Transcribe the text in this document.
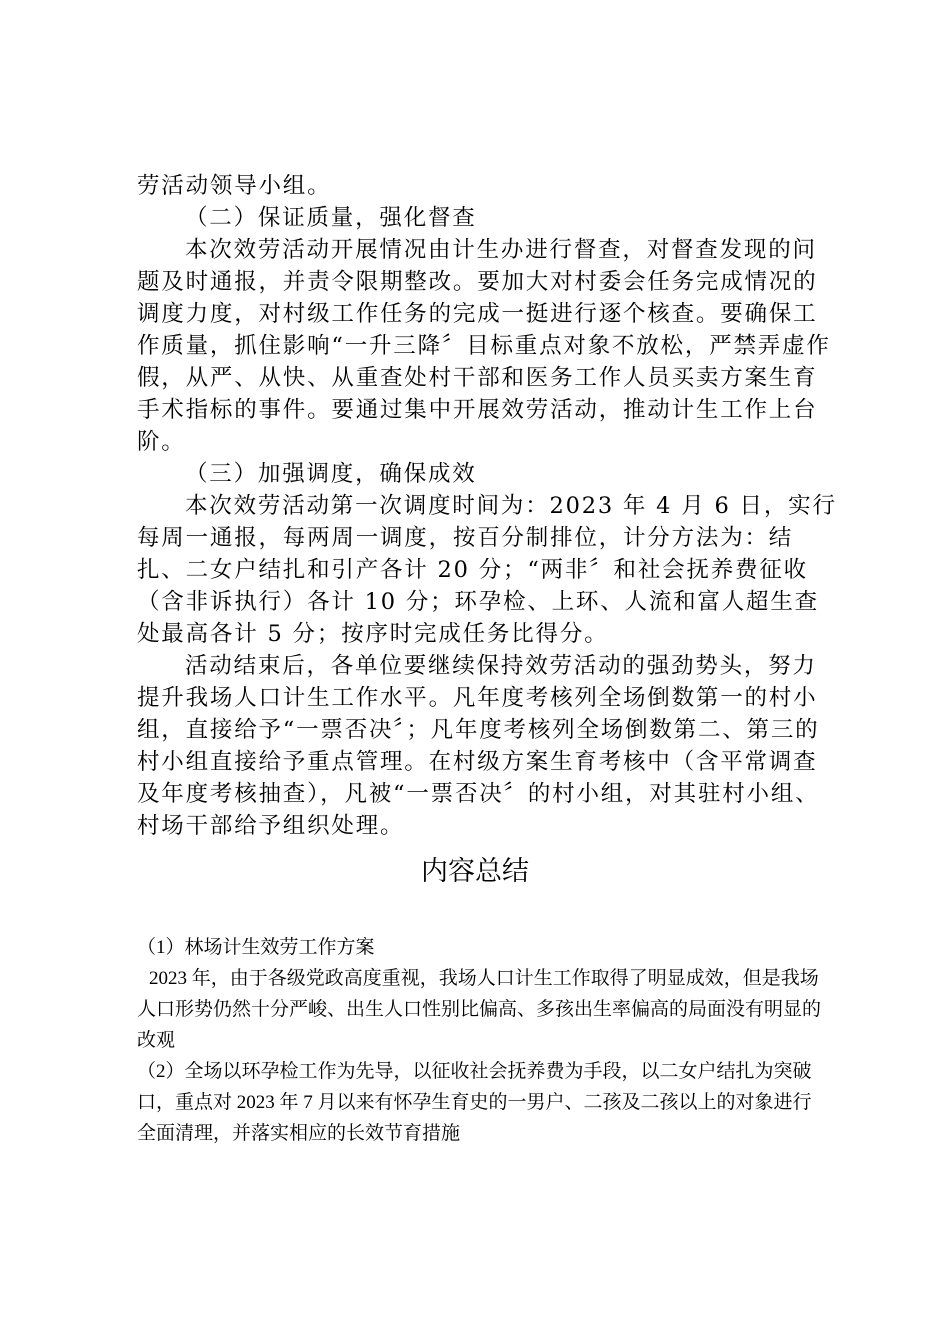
劳活动领导小组。

（二）保证质量，强化督查

本次效劳活动开展情况由计生办进行督查，对督查发现的问题及时通报，并责令限期整改。要加大对村委会任务完成情况的调度力度，对村级工作任务的完成一挺进行逐个核查。要确保工作质量，抓住影响“一升三降〞目标重点对象不放松，严禁弄虚作假，从严、从快、从重查处村干部和医务工作人员买卖方案生育手术指标的事件。要通过集中开展效劳活动，推动计生工作上台阶。

（三）加强调度，确保成效

本次效劳活动第一次调度时间为：2023 年 4 月 6 日，实行每周一通报，每两周一调度，按百分制排位，计分方法为：结扎、二女户结扎和引产各计 20 分；“两非〞和社会抚养费征收（含非诉执行）各计 10 分；环孕检、上环、人流和富人超生查处最高各计 5 分；按序时完成任务比得分。

活动结束后，各单位要继续保持效劳活动的强劲势头，努力提升我场人口计生工作水平。凡年度考核列全场倒数第一的村小组，直接给予“一票否决〞；凡年度考核列全场倒数第二、第三的村小组直接给予重点管理。在村级方案生育考核中（含平常调查及年度考核抽查），凡被“一票否决〞的村小组，对其驻村小组、村场干部给予组织处理。

内容总结

（1）林场计生效劳工作方案

2023 年，由于各级党政高度重视，我场人口计生工作取得了明显成效，但是我场人口形势仍然十分严峻、出生人口性别比偏高、多孩出生率偏高的局面没有明显的改观

（2）全场以环孕检工作为先导，以征收社会抚养费为手段，以二女户结扎为突破口，重点对 2023 年 7 月以来有怀孕生育史的一男户、二孩及二孩以上的对象进行全面清理，并落实相应的长效节育措施
